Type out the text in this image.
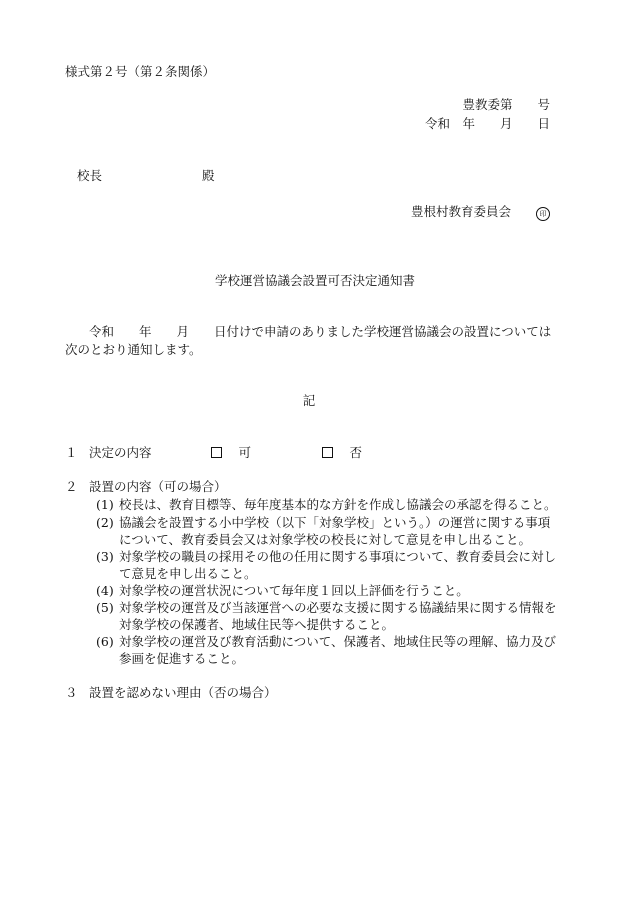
様式第２号（第２条関係）
豊教委第　　号
令和　年　　月　　日
校長　　　　　　　　殿
豊根村教育委員会　　	印
学校運営協議会設置可否決定通知書
令和　　年　　月　　日付けで申請のありました学校運営協議会の設置については
次のとおり通知します。
記
１ 決定の内容
　	可
　	否
２ 設置の内容（可の場合）
(1) 校長は、教育目標等、毎年度基本的な方針を作成し協議会の承認を得ること。
(2) 協議会を設置する小中学校（以下「対象学校」という。）の運営に関する事項
について、教育委員会又は対象学校の校長に対して意見を申し出ること。
(3) 対象学校の職員の採用その他の任用に関する事項について、教育委員会に対し
て意見を申し出ること。
(4) 対象学校の運営状況について毎年度１回以上評価を行うこと。
(5) 対象学校の運営及び当該運営への必要な支援に関する協議結果に関する情報を
対象学校の保護者、地域住民等へ提供すること。
(6) 対象学校の運営及び教育活動について、保護者、地域住民等の理解、協力及び
参画を促進すること。
３ 設置を認めない理由（否の場合）
